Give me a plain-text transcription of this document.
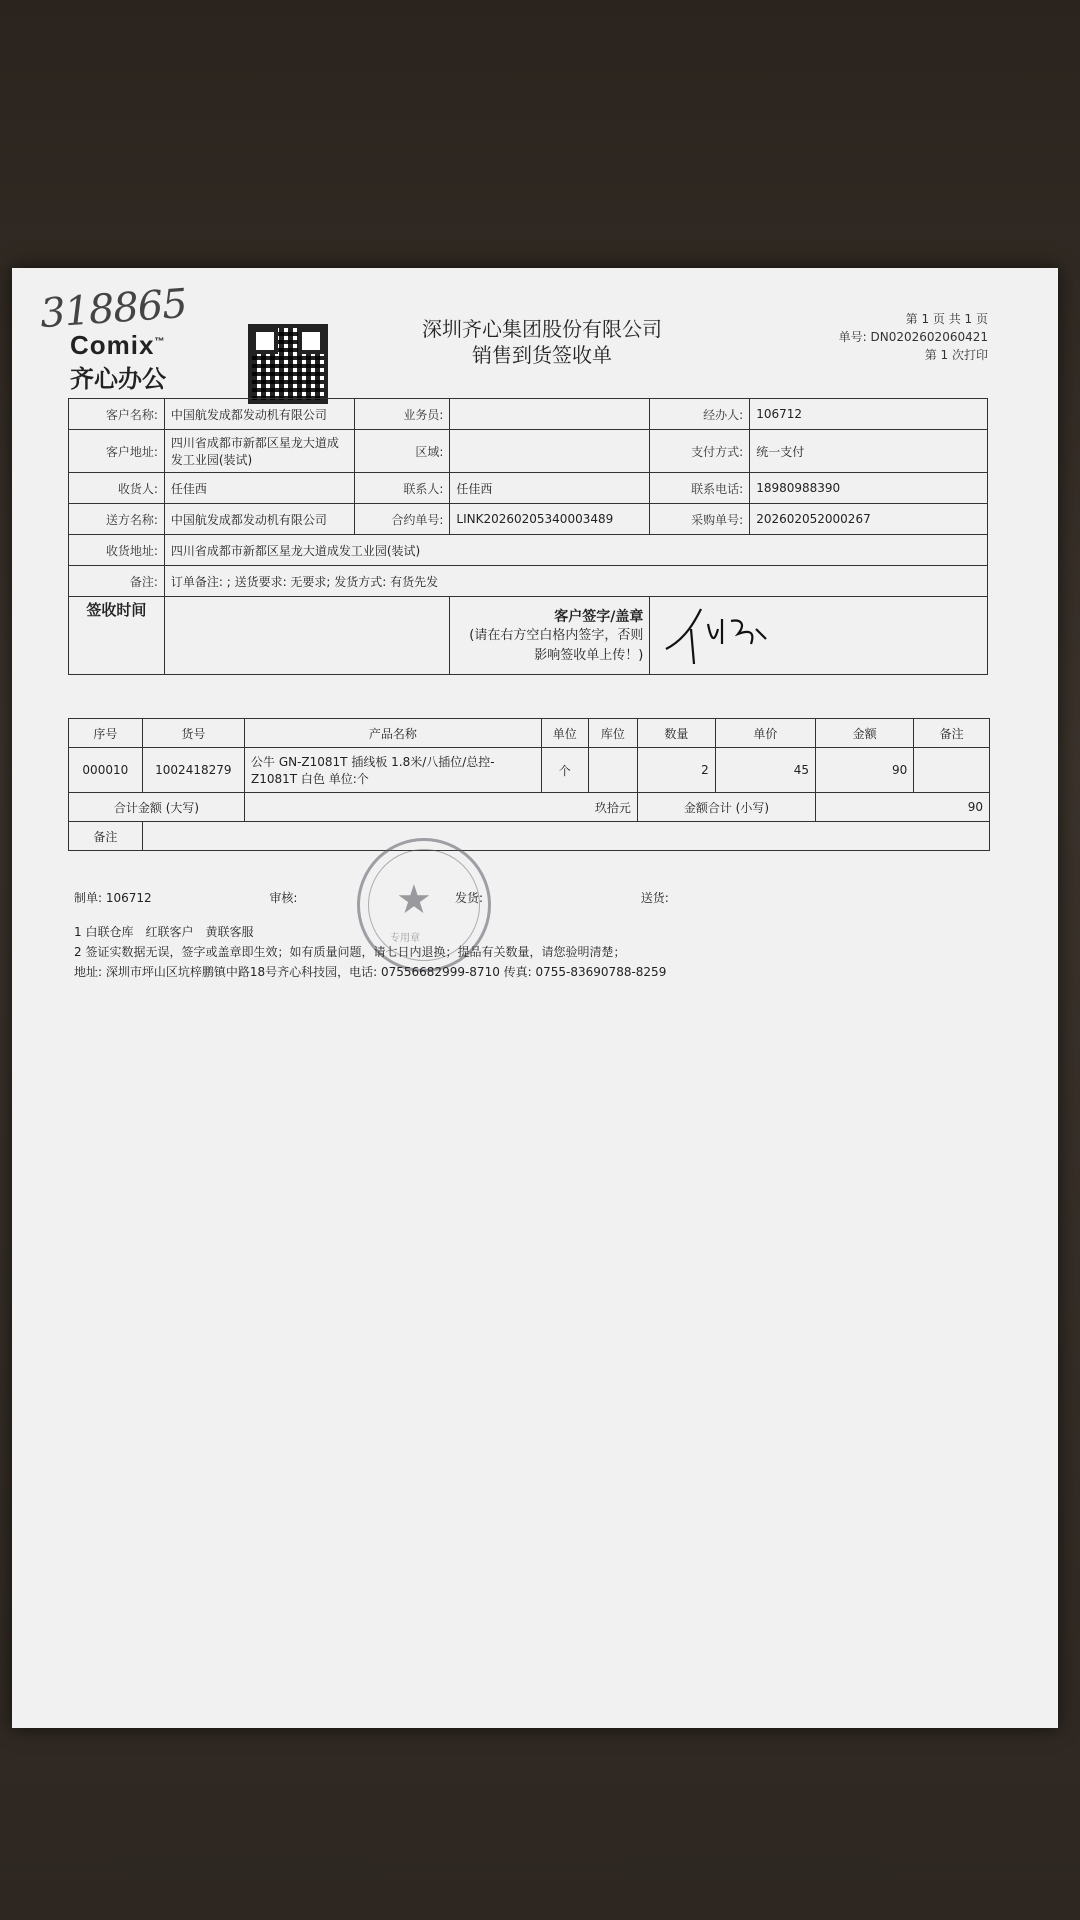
318865
Comix™
齐心办公
深圳齐心集团股份有限公司
销售到货签收单
第 1 页 共 1 页
单号: DN0202602060421
第 1 次打印
客户名称:	中国航发成都发动机有限公司	业务员:		经办人:	106712
客户地址:	四川省成都市新都区星龙大道成发工业园(装试)	区域:		支付方式:	统一支付
收货人:	任佳西	联系人:	任佳西	联系电话:	18980988390
送方名称:	中国航发成都发动机有限公司	合约单号:	LINK20260205340003489	采购单号:	202602052000267
收货地址:	四川省成都市新都区星龙大道成发工业园(装试)				
备注:	订单备注: ; 送货要求: 无要求; 发货方式: 有货先发				
签收时间			客户签字/盖章
(请在右方空白格内签字，否则影响签收单上传！)

序号	货号	产品名称	单位	库位	数量	单价	金额	备注
000010	1002418279	公牛 GN-Z1081T 插线板 1.8米/八插位/总控-Z1081T 白色 单位:个	个		2	45	90	
合计金额 (大写)		玖拾元			金额合计 (小写)		90	
备注								
★
专用章
制单: 106712	审核:	发货:	送货:
1 白联仓库　红联客户　黄联客服
2 签证实数据无误，签字或盖章即生效；如有质量问题，请七日内退换；提品有关数量，请您验明清楚；
地址: 深圳市坪山区坑梓鹏镇中路18号齐心科技园，电话: 07556682999-8710 传真: 0755-83690788-8259
